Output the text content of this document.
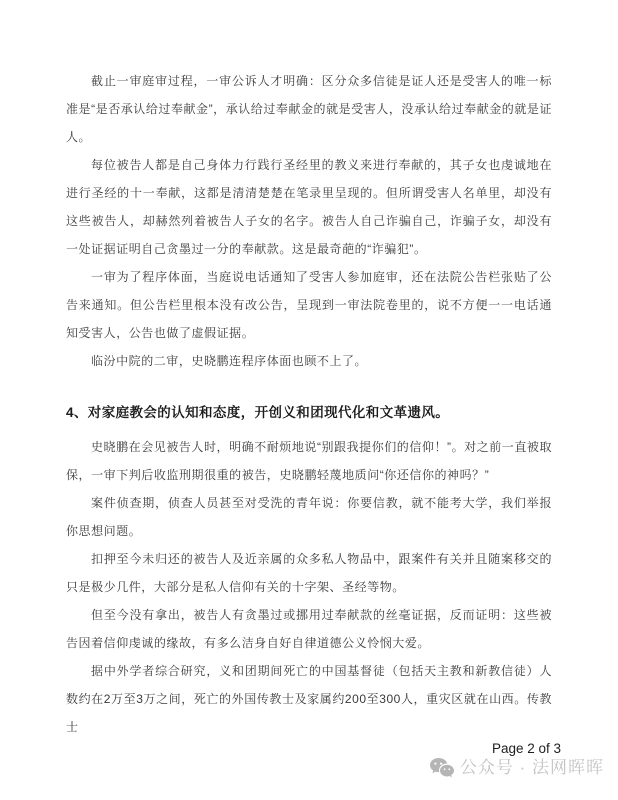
截止一审庭审过程，一审公诉人才明确：区分众多信徒是证人还是受害人的唯一标准是“是否承认给过奉献金”，承认给过奉献金的就是受害人，没承认给过奉献金的就是证人。

每位被告人都是自己身体力行践行圣经里的教义来进行奉献的，其子女也虔诚地在进行圣经的十一奉献，这都是清清楚楚在笔录里呈现的。但所谓受害人名单里，却没有这些被告人，却赫然列着被告人子女的名字。被告人自己诈骗自己，诈骗子女，却没有一处证据证明自己贪墨过一分的奉献款。这是最奇葩的“诈骗犯”。

一审为了程序体面，当庭说电话通知了受害人参加庭审，还在法院公告栏张贴了公告来通知。但公告栏里根本没有改公告，呈现到一审法院卷里的，说不方便一一电话通知受害人，公告也做了虚假证据。

临汾中院的二审，史晓鹏连程序体面也顾不上了。

4、对家庭教会的认知和态度，开创义和团现代化和文革遗风。

史晓鹏在会见被告人时，明确不耐烦地说“别跟我提你们的信仰！”。对之前一直被取保，一审下判后收监刑期很重的被告，史晓鹏轻蔑地质问“你还信你的神吗？”

案件侦查期，侦查人员甚至对受洗的青年说：你要信教，就不能考大学，我们举报你思想问题。

扣押至今未归还的被告人及近亲属的众多私人物品中，跟案件有关并且随案移交的只是极少几件，大部分是私人信仰有关的十字架、圣经等物。

但至今没有拿出，被告人有贪墨过或挪用过奉献款的丝毫证据，反而证明：这些被告因着信仰虔诚的缘故，有多么洁身自好自律道德公义怜悯大爱。

据中外学者综合研究，义和团期间死亡的中国基督徒（包括天主教和新教信徒）人数约在2万至3万之间，死亡的外国传教士及家属约200至300人，重灾区就在山西。传教士

Page 2 of 3
公众号 · 法网晖晖
